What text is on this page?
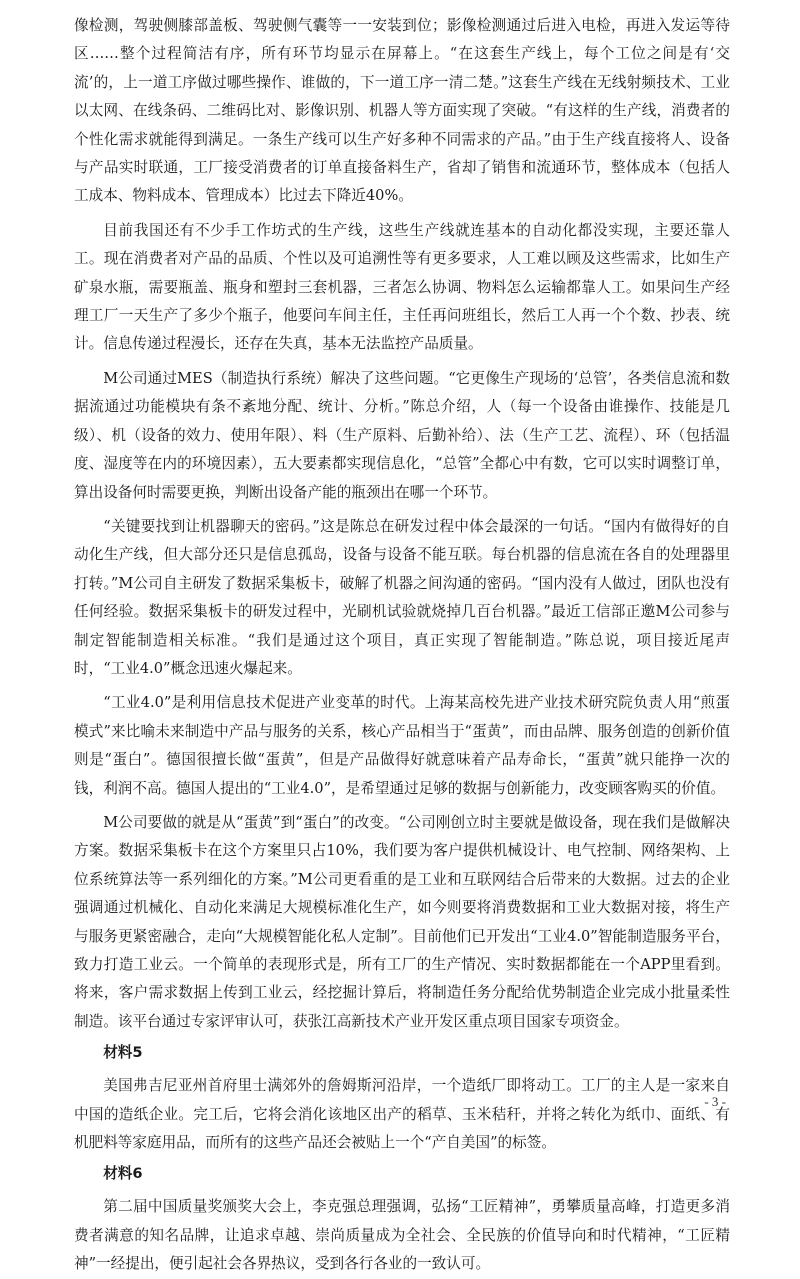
像检测，驾驶侧膝部盖板、驾驶侧气囊等一一安装到位；影像检测通过后进入电检，再进入发运等待区……整个过程简洁有序，所有环节均显示在屏幕上。“在这套生产线上，每个工位之间是有‘交流’的，上一道工序做过哪些操作、谁做的，下一道工序一清二楚。”这套生产线在无线射频技术、工业以太网、在线条码、二维码比对、影像识别、机器人等方面实现了突破。“有这样的生产线，消费者的个性化需求就能得到满足。一条生产线可以生产好多种不同需求的产品。”由于生产线直接将人、设备与产品实时联通，工厂接受消费者的订单直接备料生产，省却了销售和流通环节，整体成本（包括人工成本、物料成本、管理成本）比过去下降近40%。

目前我国还有不少手工作坊式的生产线，这些生产线就连基本的自动化都没实现，主要还靠人工。现在消费者对产品的品质、个性以及可追溯性等有更多要求，人工难以顾及这些需求，比如生产矿泉水瓶，需要瓶盖、瓶身和塑封三套机器，三者怎么协调、物料怎么运输都靠人工。如果问生产经理工厂一天生产了多少个瓶子，他要问车间主任，主任再问班组长，然后工人再一个个数、抄表、统计。信息传递过程漫长，还存在失真，基本无法监控产品质量。

M公司通过MES（制造执行系统）解决了这些问题。“它更像生产现场的‘总管’，各类信息流和数据流通过功能模块有条不紊地分配、统计、分析。”陈总介绍，人（每一个设备由谁操作、技能是几级）、机（设备的效力、使用年限）、料（生产原料、后勤补给）、法（生产工艺、流程）、环（包括温度、湿度等在内的环境因素），五大要素都实现信息化，“总管”全都心中有数，它可以实时调整订单，算出设备何时需要更换，判断出设备产能的瓶颈出在哪一个环节。

“关键要找到让机器聊天的密码。”这是陈总在研发过程中体会最深的一句话。“国内有做得好的自动化生产线，但大部分还只是信息孤岛，设备与设备不能互联。每台机器的信息流在各自的处理器里打转。”M公司自主研发了数据采集板卡，破解了机器之间沟通的密码。“国内没有人做过，团队也没有任何经验。数据采集板卡的研发过程中，光刷机试验就烧掉几百台机器。”最近工信部正邀M公司参与制定智能制造相关标准。“我们是通过这个项目，真正实现了智能制造。”陈总说，项目接近尾声时，“工业4.0”概念迅速火爆起来。

“工业4.0”是利用信息技术促进产业变革的时代。上海某高校先进产业技术研究院负责人用“煎蛋模式”来比喻未来制造中产品与服务的关系，核心产品相当于“蛋黄”，而由品牌、服务创造的创新价值则是“蛋白”。德国很擅长做“蛋黄”，但是产品做得好就意味着产品寿命长，“蛋黄”就只能挣一次的钱，利润不高。德国人提出的“工业4.0”，是希望通过足够的数据与创新能力，改变顾客购买的价值。

M公司要做的就是从“蛋黄”到“蛋白”的改变。“公司刚创立时主要就是做设备，现在我们是做解决方案。数据采集板卡在这个方案里只占10%，我们要为客户提供机械设计、电气控制、网络架构、上位系统算法等一系列细化的方案。”M公司更看重的是工业和互联网结合后带来的大数据。过去的企业强调通过机械化、自动化来满足大规模标准化生产，如今则要将消费数据和工业大数据对接，将生产与服务更紧密融合，走向“大规模智能化私人定制”。目前他们已开发出“工业4.0”智能制造服务平台，致力打造工业云。一个简单的表现形式是，所有工厂的生产情况、实时数据都能在一个APP里看到。将来，客户需求数据上传到工业云，经挖掘计算后，将制造任务分配给优势制造企业完成小批量柔性制造。该平台通过专家评审认可，获张江高新技术产业开发区重点项目国家专项资金。

材料5

美国弗吉尼亚州首府里士满郊外的詹姆斯河沿岸，一个造纸厂即将动工。工厂的主人是一家来自中国的造纸企业。完工后，它将会消化该地区出产的稻草、玉米秸秆，并将之转化为纸巾、面纸、有机肥料等家庭用品，而所有的这些产品还会被贴上一个“产自美国”的标签。

材料6

第二届中国质量奖颁奖大会上，李克强总理强调，弘扬“工匠精神”，勇攀质量高峰，打造更多消费者满意的知名品牌，让追求卓越、崇尚质量成为全社会、全民族的价值导向和时代精神，“工匠精神”一经提出，便引起社会各界热议，受到各行各业的一致认可。

- 3 -
